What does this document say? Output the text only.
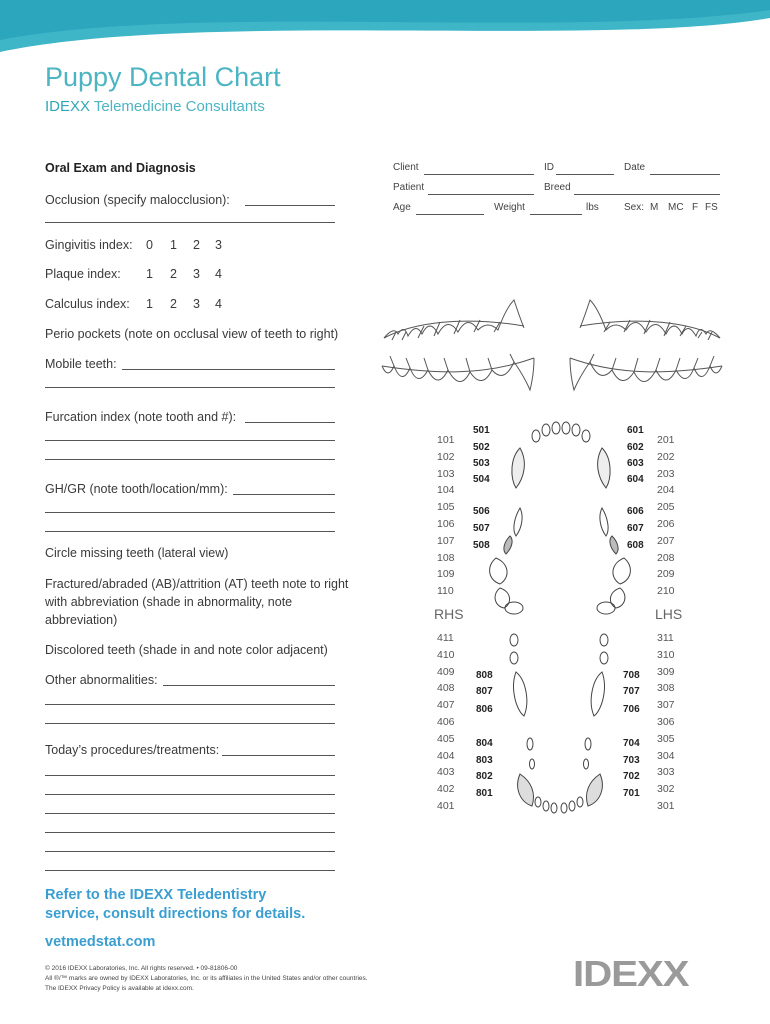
Puppy Dental Chart
IDEXX Telemedicine Consultants
Client	ID	Date
Patient	Breed
Age	Weight	lbs	Sex: M MC F FS
Oral Exam and Diagnosis
Occlusion (specify malocclusion):
Gingivitis index: 0 1 2 3
Plaque index: 1 2 3 4
Calculus index: 1 2 3 4
Perio pockets (note on occlusal view of teeth to right)
Mobile teeth:
Furcation index (note tooth and #):
GH/GR (note tooth/location/mm):
Circle missing teeth (lateral view)
Fractured/abraded (AB)/attrition (AT) teeth note to right
with abbreviation (shade in abnormality, note
abbreviation)
Discolored teeth (shade in and note color adjacent)
Other abnormalities:
Today’s procedures/treatments:
101
102
103
104
105
106
107
108
109
110
201
202
203
204
205
206
207
208
209
210
501
502
503
504
506
507
508
601
602
603
604
606
607
608
RHS	LHS
411
410
409
408
407
406
405
404
403
402
401
311
310
309
308
307
306
305
304
303
302
301
808
807
806
804
803
802
801
708
707
706
704
703
702
701
Refer to the IDEXX Teledentistry
service, consult directions for details.
vetmedstat.com
© 2016 IDEXX Laboratories, Inc. All rights reserved. • 09-81806-00
All ®/™ marks are owned by IDEXX Laboratories, Inc. or its affiliates in the United States and/or other countries.
The IDEXX Privacy Policy is available at idexx.com.	IDEXX
